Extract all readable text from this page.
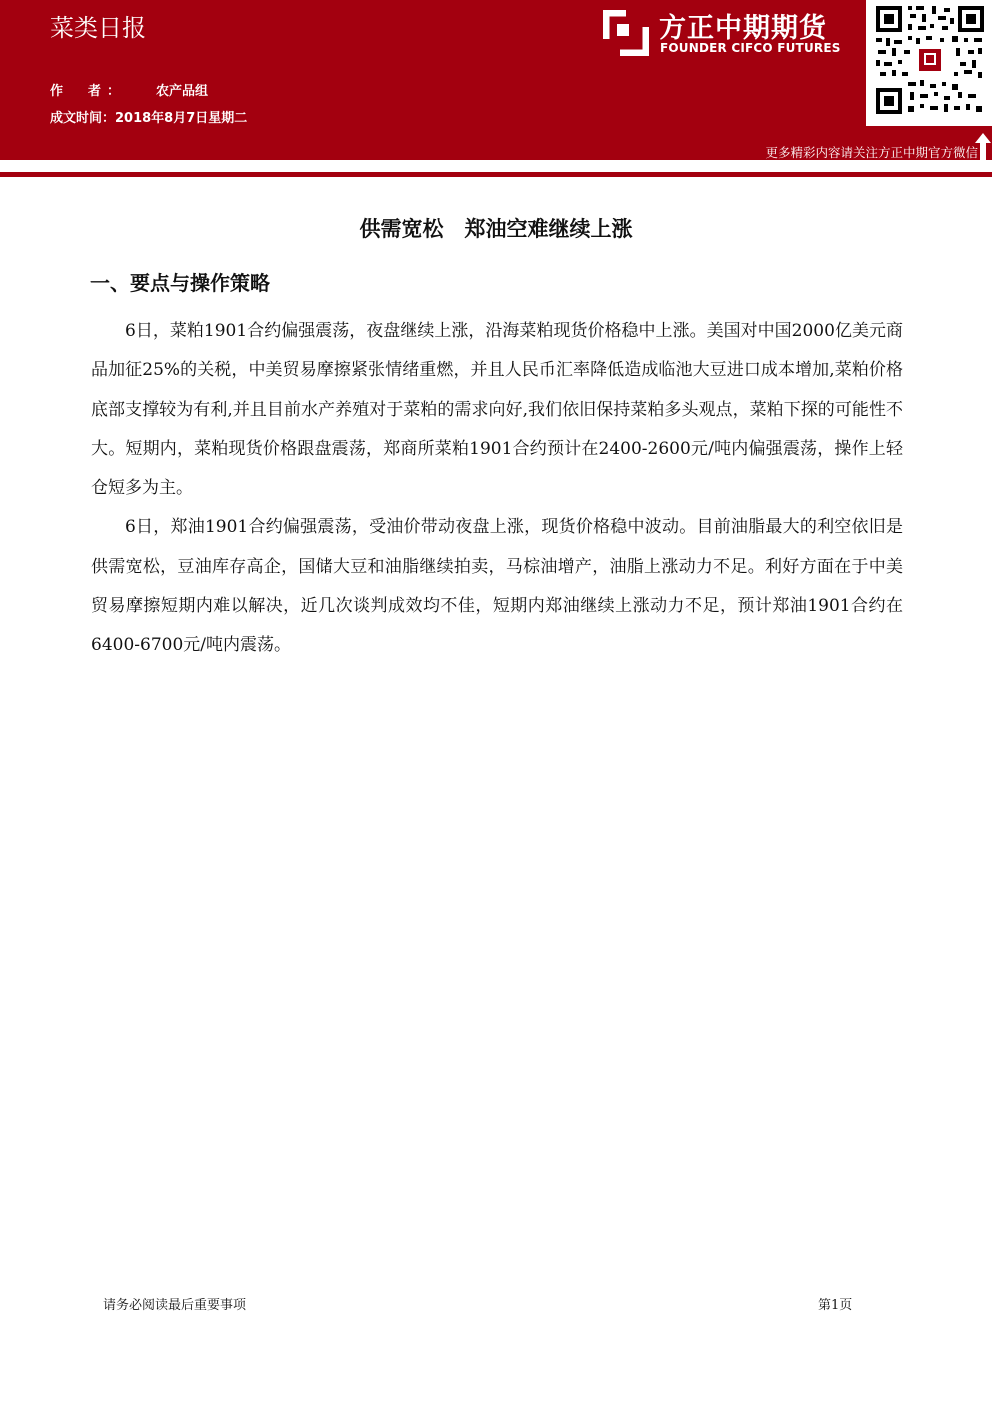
菜类日报
作　者： 农产品组
成文时间：2018年8月7日星期二
方正中期期货
FOUNDER CIFCO FUTURES
更多精彩内容请关注方正中期官方微信
供需宽松　郑油空难继续上涨
一、要点与操作策略

6日，菜粕1901合约偏强震荡，夜盘继续上涨，沿海菜粕现货价格稳中上涨。美国对中国2000亿美元商品加征25%的关税，中美贸易摩擦紧张情绪重燃，并且人民币汇率降低造成临池大豆进口成本增加,菜粕价格底部支撑较为有利,并且目前水产养殖对于菜粕的需求向好,我们依旧保持菜粕多头观点，菜粕下探的可能性不大。短期内，菜粕现货价格跟盘震荡，郑商所菜粕1901合约预计在2400-2600元/吨内偏强震荡，操作上轻仓短多为主。

6日，郑油1901合约偏强震荡，受油价带动夜盘上涨，现货价格稳中波动。目前油脂最大的利空依旧是供需宽松，豆油库存高企，国储大豆和油脂继续拍卖，马棕油增产，油脂上涨动力不足。利好方面在于中美贸易摩擦短期内难以解决，近几次谈判成效均不佳，短期内郑油继续上涨动力不足，预计郑油1901合约在6400-6700元/吨内震荡。

请务必阅读最后重要事项	第1页
